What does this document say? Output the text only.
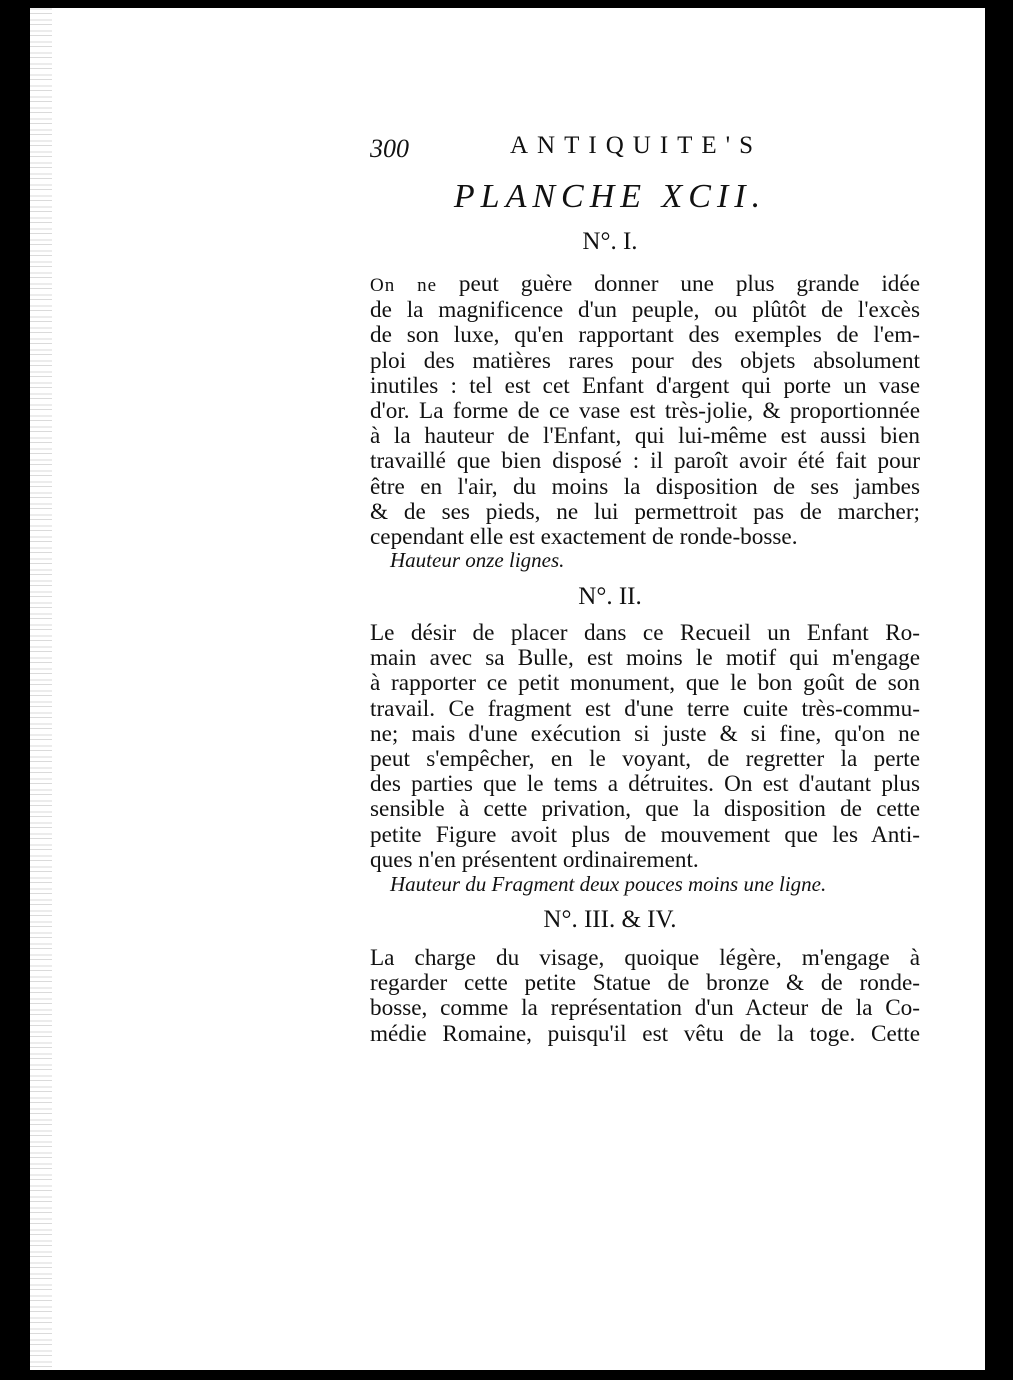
300	ANTIQUITE'S
PLANCHE XCII.
N°. I.
On ne peut guère donner une plus grande idée
de la magnificence d'un peuple, ou plûtôt de l'excès
de son luxe, qu'en rapportant des exemples de l'em-
ploi des matières rares pour des objets absolument
inutiles : tel est cet Enfant d'argent qui porte un vase
d'or. La forme de ce vase est très-jolie, & proportionnée
à la hauteur de l'Enfant, qui lui-même est aussi bien
travaillé que bien disposé : il paroît avoir été fait pour
être en l'air, du moins la disposition de ses jambes
& de ses pieds, ne lui permettroit pas de marcher;
cependant elle est exactement de ronde-bosse.
Hauteur onze lignes.
N°. II.
Le désir de placer dans ce Recueil un Enfant Ro-
main avec sa Bulle, est moins le motif qui m'engage
à rapporter ce petit monument, que le bon goût de son
travail. Ce fragment est d'une terre cuite très-commu-
ne; mais d'une exécution si juste & si fine, qu'on ne
peut s'empêcher, en le voyant, de regretter la perte
des parties que le tems a détruites. On est d'autant plus
sensible à cette privation, que la disposition de cette
petite Figure avoit plus de mouvement que les Anti-
ques n'en présentent ordinairement.
Hauteur du Fragment deux pouces moins une ligne.
N°. III. & IV.
La charge du visage, quoique légère, m'engage à
regarder cette petite Statue de bronze & de ronde-
bosse, comme la représentation d'un Acteur de la Co-
médie Romaine, puisqu'il est vêtu de la toge. Cette
